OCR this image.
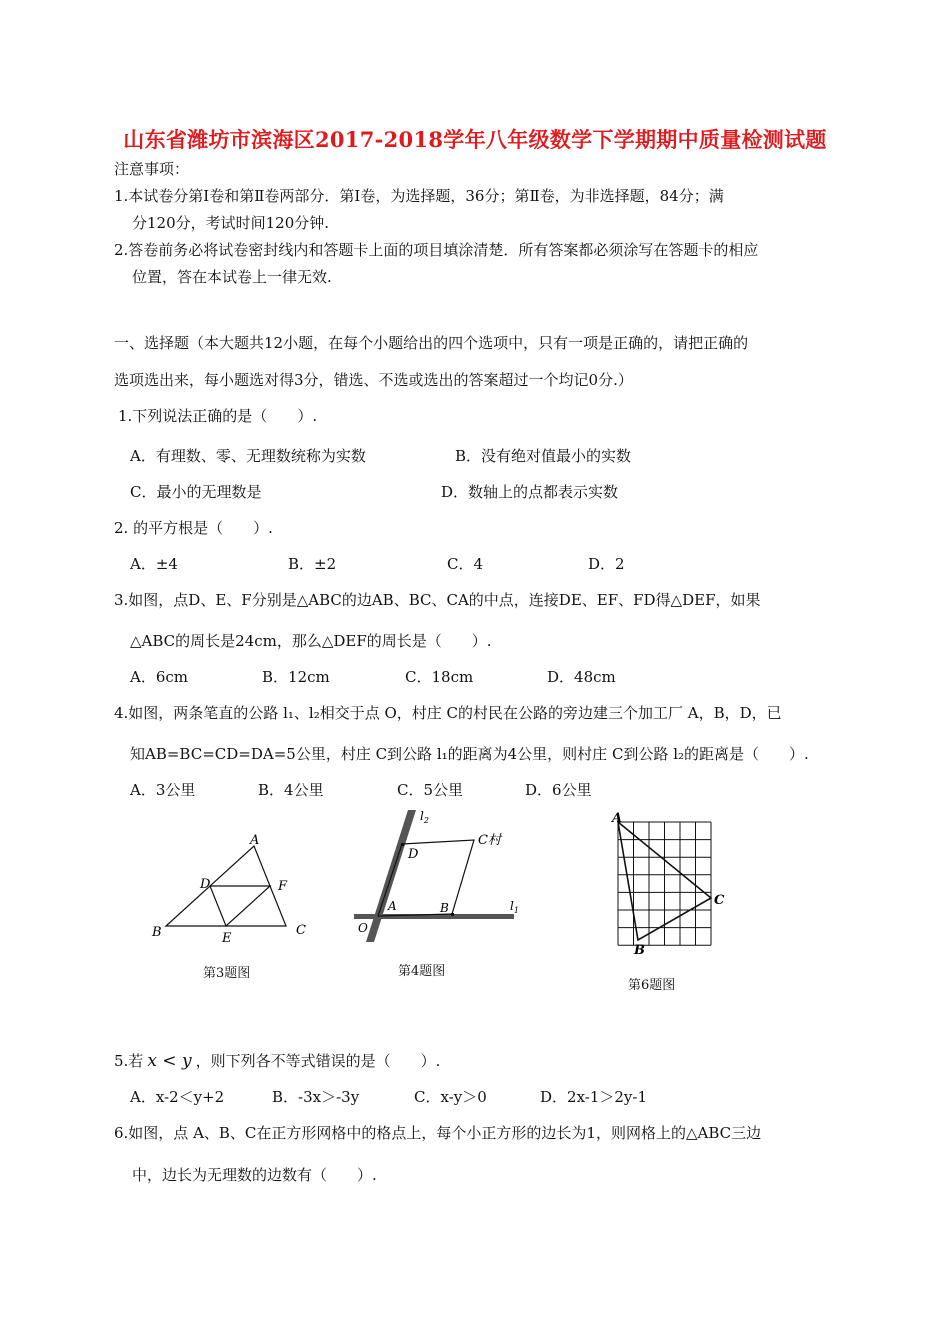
山东省潍坊市滨海区2017-2018学年八年级数学下学期期中质量检测试题
注意事项：
1.本试卷分第Ⅰ卷和第Ⅱ卷两部分．第Ⅰ卷，为选择题，36分；第Ⅱ卷，为非选择题，84分；满
分120分，考试时间120分钟.
2.答卷前务必将试卷密封线内和答题卡上面的项目填涂清楚．所有答案都必须涂写在答题卡的相应
位置，答在本试卷上一律无效.
一、选择题（本大题共12小题，在每个小题给出的四个选项中，只有一项是正确的，请把正确的
选项选出来，每小题选对得3分，错选、不选或选出的答案超过一个均记0分.）
1.下列说法正确的是（　　）.
A．有理数、零、无理数统称为实数	B．没有绝对值最小的实数
C．最小的无理数是	D．数轴上的点都表示实数
2. 的平方根是（　　）.
A．±4	B．±2	C．4	D．2
3.如图，点D、E、F分别是△ABC的边AB、BC、CA的中点，连接DE、EF、FD得△DEF，如果
△ABC的周长是24cm，那么△DEF的周长是（　　）.
A．6cm	B．12cm	C．18cm	D．48cm
4.如图，两条笔直的公路 l₁、l₂相交于点 O，村庄 C的村民在公路的旁边建三个加工厂 A，B，D，已
知AB=BC=CD=DA=5公里，村庄 C到公路 l₁的距离为4公里，则村庄 C到公路 l₂的距离是（　　）.
A．3公里	B．4公里	C．5公里	D．6公里
A
B	C
D
E
F
第3题图
$l_2$
$l_1$
D
C村
A	B
O
第4题图
A
B
C
第6题图
5.若 x < y ，则下列各不等式错误的是（　　）.
A．x-2＜y+2	B．-3x＞-3y	C．x-y＞0	D．2x-1＞2y-1
6.如图，点 A、B、C在正方形网格中的格点上，每个小正方形的边长为1，则网格上的△ABC三边
中，边长为无理数的边数有（　　）.
